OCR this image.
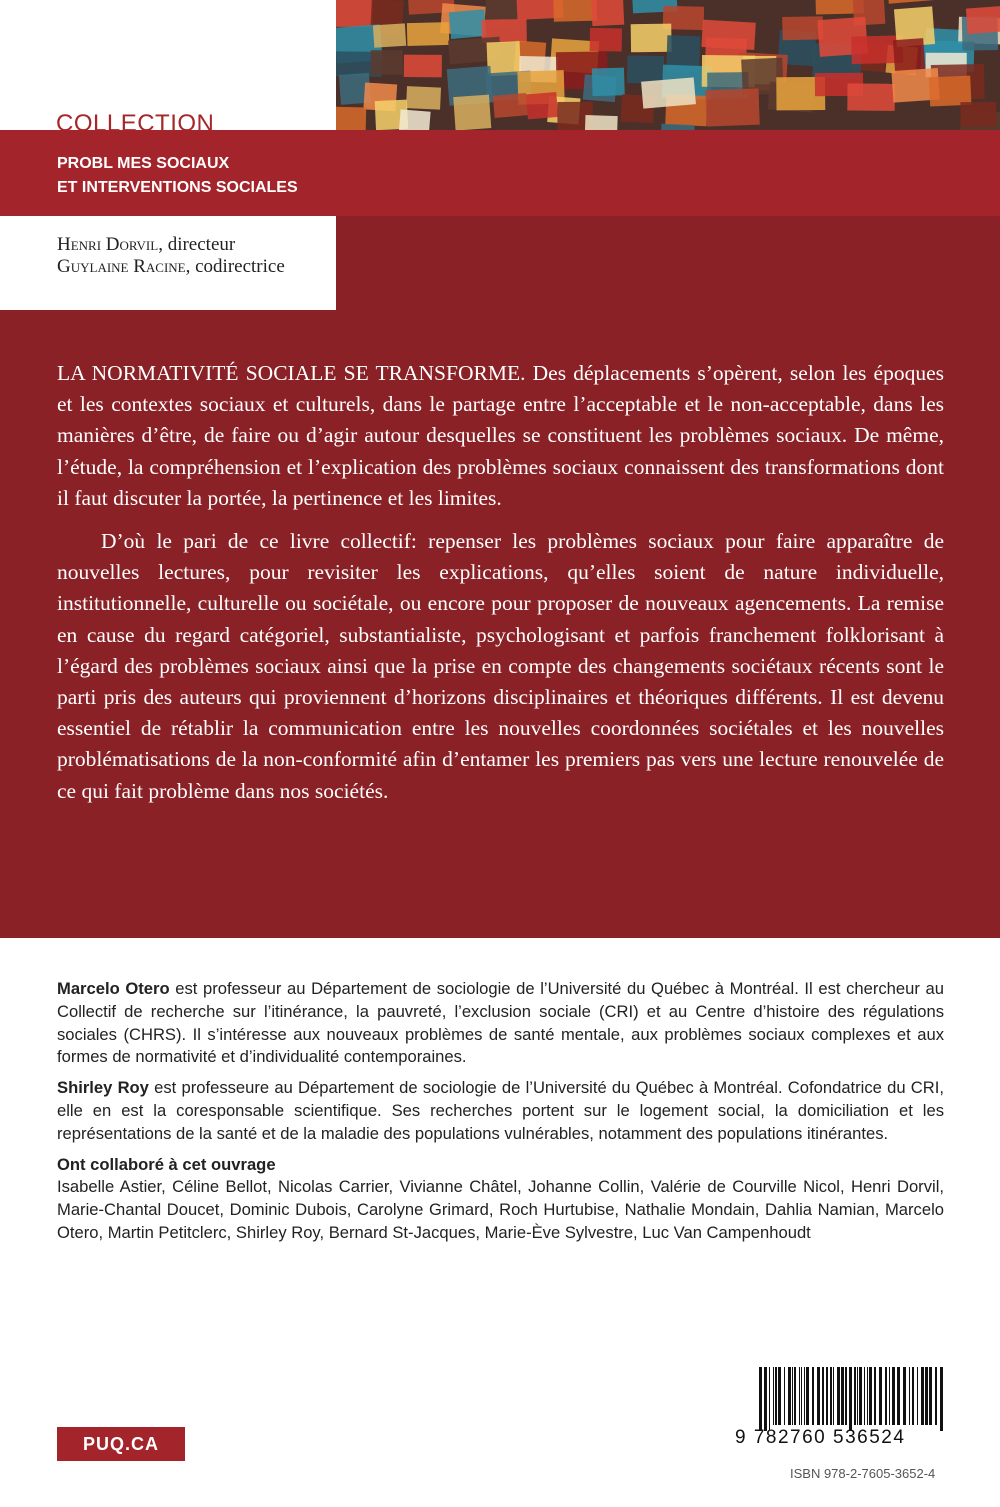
COLLECTION
PROBL MES SOCIAUX
ET INTERVENTIONS SOCIALES
Henri Dorvil, directeur
Guylaine Racine, codirectrice

LA NORMATIVITÉ SOCIALE SE TRANSFORME. Des déplacements s’opèrent, selon les époques et les contextes sociaux et culturels, dans le partage entre l’acceptable et le non-acceptable, dans les manières d’être, de faire ou d’agir autour desquelles se constituent les problèmes sociaux. De même, l’étude, la compréhension et l’explication des problèmes sociaux connaissent des transformations dont il faut discuter la portée, la pertinence et les limites.

D’où le pari de ce livre collectif: repenser les problèmes sociaux pour faire apparaître de nouvelles lectures, pour revisiter les explications, qu’elles soient de nature individuelle, institutionnelle, culturelle ou sociétale, ou encore pour proposer de nouveaux agencements. La remise en cause du regard catégoriel, substantialiste, psychologisant et parfois franchement folklorisant à l’égard des problèmes sociaux ainsi que la prise en compte des changements sociétaux récents sont le parti pris des auteurs qui proviennent d’horizons disciplinaires et théoriques différents. Il est devenu essentiel de rétablir la communication entre les nouvelles coordonnées sociétales et les nouvelles problématisations de la non-conformité afin d’entamer les premiers pas vers une lecture renouvelée de ce qui fait problème dans nos sociétés.

Marcelo Otero est professeur au Département de sociologie de l’Université du Québec à Montréal. Il est chercheur au Collectif de recherche sur l’itinérance, la pauvreté, l’exclusion sociale (CRI) et au Centre d’histoire des régulations sociales (CHRS). Il s’intéresse aux nouveaux problèmes de santé mentale, aux problèmes sociaux complexes et aux formes de normativité et d’individualité contemporaines.

Shirley Roy est professeure au Département de sociologie de l’Université du Québec à Montréal. Cofondatrice du CRI, elle en est la coresponsable scientifique. Ses recherches portent sur le logement social, la domiciliation et les représentations de la santé et de la maladie des populations vulnérables, notamment des populations itinérantes.

Ont collaboré à cet ouvrage
Isabelle Astier, Céline Bellot, Nicolas Carrier, Vivianne Châtel, Johanne Collin, Valérie de Courville Nicol, Henri Dorvil, Marie-Chantal Doucet, Dominic Dubois, Carolyne Grimard, Roch Hurtubise, Nathalie Mondain, Dahlia Namian, Marcelo Otero, Martin Petitclerc, Shirley Roy, Bernard St-Jacques, Marie-Ève Sylvestre, Luc Van Campenhoudt

PUQ.CA	9 782760 536524
ISBN 978-2-7605-3652-4
